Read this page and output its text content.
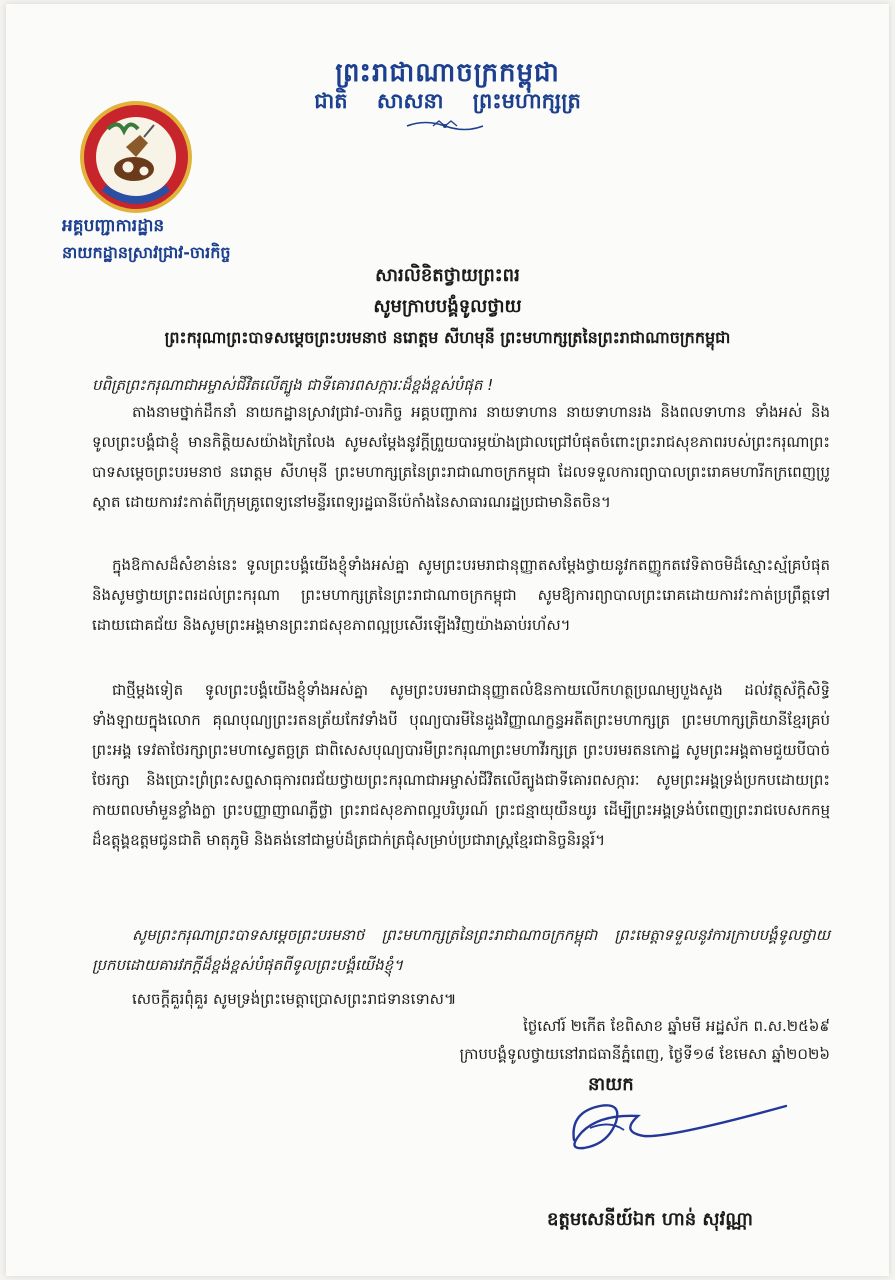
ព្រះរាជាណាចក្រកម្ពុជា
ជាតិ សាសនា ព្រះមហាក្សត្រ
អគ្គបញ្ជាការដ្ឋាន
នាយកដ្ឋានស្រាវជ្រាវ-ចារកិច្ច
សារលិខិតថ្វាយព្រះពរ
សូមក្រាបបង្គំទូលថ្វាយ
ព្រះករុណាព្រះបាទសម្តេចព្រះបរមនាថ នរោត្តម សីហមុនី ព្រះមហាក្សត្រនៃព្រះរាជាណាចក្រកម្ពុជា
បពិត្រព្រះករុណាជាអម្ចាស់ជីវិតលើត្បូង ជាទីគោរពសក្ការៈដ៏ខ្ពង់ខ្ពស់បំផុត !
តាងនាមថ្នាក់ដឹកនាំ នាយកដ្ឋានស្រាវជ្រាវ-ចារកិច្ច អគ្គបញ្ជាការ នាយទាហាន នាយទាហានរង និងពលទាហាន ទាំងអស់ និងទូលព្រះបង្គំជាខ្ញុំ មានកិត្តិយសយ៉ាងក្រៃលែង សូមសម្តែងនូវក្តីព្រួយបារម្ភយ៉ាងជ្រាលជ្រៅបំផុតចំពោះព្រះរាជសុខភាពរបស់ព្រះករុណាព្រះបាទសម្តេចព្រះបរមនាថ នរោត្តម សីហមុនី ព្រះមហាក្សត្រនៃព្រះរាជាណាចក្រកម្ពុជា ដែលទទួលការព្យាបាលព្រះរោគមហារីកក្រពេញប្រូស្តាត ដោយការវះកាត់ពីក្រុមគ្រូពេទ្យនៅមន្ទីរពេទ្យរដ្ឋធានីប៉េកាំងនៃសាធារណរដ្ឋប្រជាមានិតចិន។
ក្នុងឱកាសដ៏សំខាន់នេះ ទូលព្រះបង្គំយើងខ្ញុំទាំងអស់គ្នា សូមព្រះបរមរាជានុញ្ញាតសម្តែងថ្វាយនូវកតញ្ញូកតវេទិតាចមិដ៏ស្មោះស្ម័គ្របំផុត និងសូមថ្វាយព្រះពរដល់ព្រះករុណា ព្រះមហាក្សត្រនៃព្រះរាជាណាចក្រកម្ពុជា សូមឱ្យការព្យាបាលព្រះរោគដោយការវះកាត់ប្រព្រឹត្តទៅដោយជោគជ័យ និងសូមព្រះអង្គមានព្រះរាជសុខភាពល្អប្រសើរឡើងវិញយ៉ាងឆាប់រហ័ស។
ជាថ្មីម្តងទៀត ទូលព្រះបង្គំយើងខ្ញុំទាំងអស់គ្នា សូមព្រះបរមរាជានុញ្ញាតលំឱនកាយលើកហត្ថប្រណម្យបួងសួង ដល់វត្ថុស័ក្តិសិទ្ធិទាំងឡាយក្នុងលោក គុណបុណ្យព្រះរតនត្រ័យកែវទាំងបី បុណ្យបារមីនៃដួងវិញ្ញាណក្ខន្ធអតីតព្រះមហាក្សត្រ ព្រះមហាក្សត្រិយានីខ្មែរគ្រប់ព្រះអង្គ ទេវតាថែរក្សាព្រះមហាស្វេតច្ឆត្រ ជាពិសេសបុណ្យបារមីព្រះករុណាព្រះមហាវីរក្សត្រ ព្រះបរមរតនកោដ្ឋ សូមព្រះអង្គតាមជួយបីបាច់ថែរក្សា និងប្រោះព្រំព្រះសព្ទសាធុការពរជ័យថ្វាយព្រះករុណាជាអម្ចាស់ជីវិតលើត្បូងជាទីគោរពសក្ការៈ សូមព្រះអង្គទ្រង់ប្រកបដោយព្រះកាយពលមាំមួនខ្លាំងក្លា ព្រះបញ្ញាញាណភ្លឺថ្លា ព្រះរាជសុខភាពល្អបរិបូរណ៍ ព្រះជន្មាយុយឺនយូរ ដើម្បីព្រះអង្គទ្រង់បំពេញព្រះរាជបេសកកម្មដ៏ឧត្តុង្គឧត្តមជូនជាតិ មាតុភូមិ និងគង់នៅជាម្លប់ដ៏ត្រជាក់ត្រជុំសម្រាប់ប្រជារាស្ត្រខ្មែរជានិច្ចនិរន្តរ៍។
សូមព្រះករុណាព្រះបាទសម្តេចព្រះបរមនាថ ព្រះមហាក្សត្រនៃព្រះរាជាណាចក្រកម្ពុជា ព្រះមេត្តាទទួលនូវការក្រាបបង្គំទូលថ្វាយប្រកបដោយគារវភក្តីដ៏ខ្ពង់ខ្ពស់បំផុតពីទូលព្រះបង្គំយើងខ្ញុំ។
សេចក្តីគួរពុំគួរ សូមទ្រង់ព្រះមេត្តាប្រោសព្រះរាជទានទោស៕
ថ្ងៃសៅរ៍ ២កើត ខែពិសាខ ឆ្នាំមមី អដ្ឋស័ក ព.ស.២៥៦៩
ក្រាបបង្គំទូលថ្វាយនៅរាជធានីភ្នំពេញ, ថ្ងៃទី១៨ ខែមេសា ឆ្នាំ២០២៦
នាយក
ឧត្តមសេនីយ៍ឯក ហាន់ សុវណ្ណា
